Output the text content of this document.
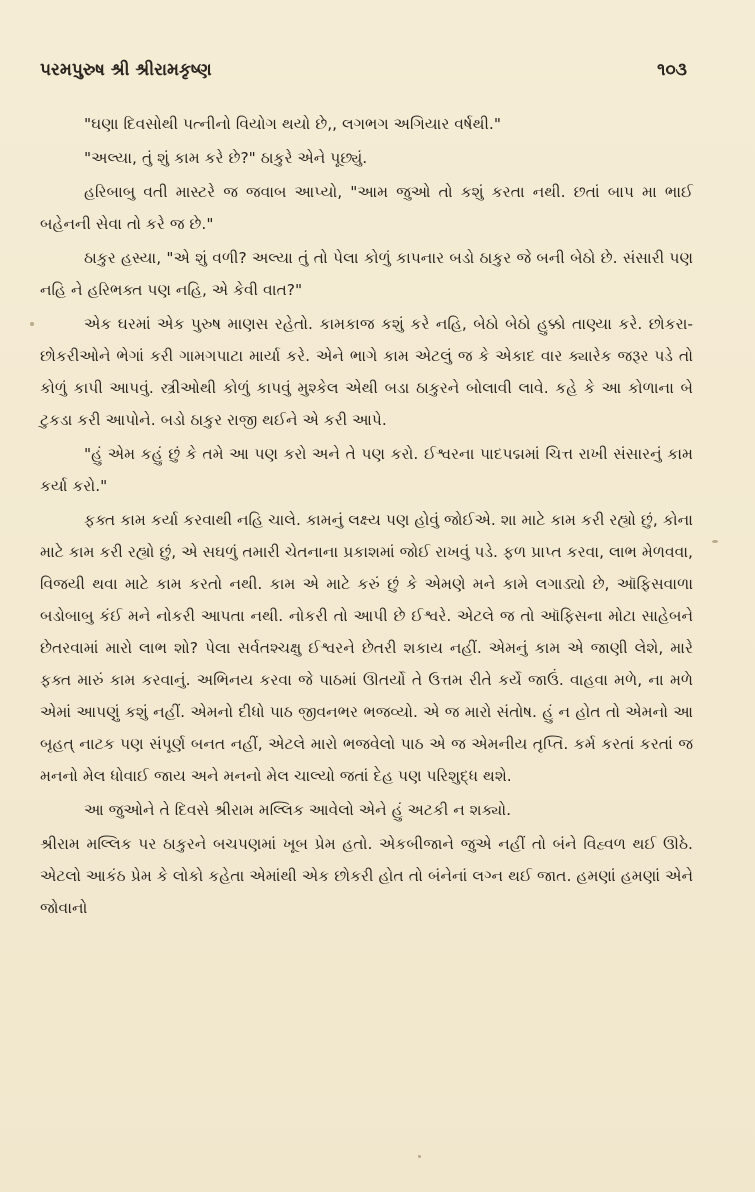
પરમપુરુષ શ્રી શ્રીરામકૃષ્ણ	૧૦૩

"ઘણા દિવસોથી પત્નીનો વિયોગ થયો છે,, લગભગ અગિયાર વર્ષથી."

"અલ્યા, તું શું કામ કરે છે?" ઠાકુરે એને પૂછ્યું.

હરિબાબુ વતી માસ્ટરે જ જવાબ આપ્યો, "આમ જુઓ તો કશું કરતા નથી. છતાં બાપ મા ભાઈ બહેનની સેવા તો કરે જ છે."

ઠાકુર હસ્યા, "એ શું વળી? અલ્યા તું તો પેલા કોળું કાપનાર બડો ઠાકુર જે બની બેઠો છે. સંસારી પણ નહિ ને હરિભક્ત પણ નહિ, એ કેવી વાત?"

એક ઘરમાં એક પુરુષ માણસ રહેતો. કામકાજ કશું કરે નહિ, બેઠો બેઠો હુક્કો તાણ્યા કરે. છોકરા-છોકરીઓને ભેગાં કરી ગામગપાટા માર્યા કરે. એને ભાગે કામ એટલું જ કે એકાદ વાર ક્યારેક જરૂર પડે તો કોળું કાપી આપવું. સ્ત્રીઓથી કોળું કાપવું મુશ્કેલ એથી બડા ઠાકુરને બોલાવી લાવે. કહે કે આ કોળાના બે ટુકડા કરી આપોને. બડો ઠાકુર રાજી થઈને એ કરી આપે.

"હું એમ કહું છું કે તમે આ પણ કરો અને તે પણ કરો. ઈશ્વરના પાદપદ્મમાં ચિત્ત રાખી સંસારનું કામ કર્યા કરો."

ફક્ત કામ કર્યા કરવાથી નહિ ચાલે. કામનું લક્ષ્ય પણ હોવું જોઈએ. શા માટે કામ કરી રહ્યો છું, કોના માટે કામ કરી રહ્યો છું, એ સઘળું તમારી ચેતનાના પ્રકાશમાં જોઈ રાખવું પડે. ફળ પ્રાપ્ત કરવા, લાભ મેળવવા, વિજયી થવા માટે કામ કરતો નથી. કામ એ માટે કરું છું કે એમણે મને કામે લગાડ્યો છે, ઑફિસવાળા બડોબાબુ કંઈ મને નોકરી આપતા નથી. નોકરી તો આપી છે ઈશ્વરે. એટલે જ તો ઑફિસના મોટા સાહેબને છેતરવામાં મારો લાભ શો? પેલા સર્વતશ્ચક્ષુ ઈશ્વરને છેતરી શકાય નહીં. એમનું કામ એ જાણી લેશે, મારે ફક્ત મારું કામ કરવાનું. અભિનય કરવા જે પાઠમાં ઊતર્યો તે ઉત્તમ રીતે કર્યે જાઉં. વાહવા મળે, ના મળે એમાં આપણું કશું નહીં. એમનો દીધો પાઠ જીવનભર ભજવ્યો. એ જ મારો સંતોષ. હું ન હોત તો એમનો આ બૃહત્ નાટક પણ સંપૂર્ણ બનત નહીં, એટલે મારો ભજવેલો પાઠ એ જ એમનીય તૃપ્તિ. કર્મ કરતાં કરતાં જ મનનો મેલ ધોવાઈ જાય અને મનનો મેલ ચાલ્યો જતાં દેહ પણ પરિશુદ્ધ થશે.

આ જુઓને તે દિવસે શ્રીરામ મલ્લિક આવેલો એને હું અટકી ન શક્યો.

શ્રીરામ મલ્લિક પર ઠાકુરને બચપણમાં ખૂબ પ્રેમ હતો. એકબીજાને જુએ નહીં તો બંને વિહ્વળ થઈ ઊઠે. એટલો આકંઠ પ્રેમ કે લોકો કહેતા એમાંથી એક છોકરી હોત તો બંનેનાં લગ્ન થઈ જાત. હમણાં હમણાં એને જોવાનો
